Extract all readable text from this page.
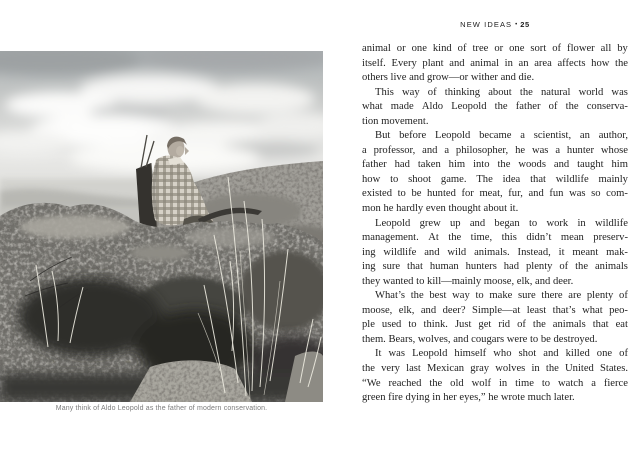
NEW IDEAS • 25
Many think of Aldo Leopold as the father of modern conservation.
animal or one kind of tree or one sort of flower all by
itself. Every plant and animal in an area affects how the
others live and grow—or wither and die.
This way of thinking about the natural world was
what made Aldo Leopold the father of the conserva-
tion movement.
But before Leopold became a scientist, an author,
a professor, and a philosopher, he was a hunter whose
father had taken him into the woods and taught him
how to shoot game. The idea that wildlife mainly
existed to be hunted for meat, fur, and fun was so com-
mon he hardly even thought about it.
Leopold grew up and began to work in wildlife
management. At the time, this didn’t mean preserv-
ing wildlife and wild animals. Instead, it meant mak-
ing sure that human hunters had plenty of the animals
they wanted to kill—mainly moose, elk, and deer.
What’s the best way to make sure there are plenty of
moose, elk, and deer? Simple—at least that’s what peo-
ple used to think. Just get rid of the animals that eat
them. Bears, wolves, and cougars were to be destroyed.
It was Leopold himself who shot and killed one of
the very last Mexican gray wolves in the United States.
“We reached the old wolf in time to watch a fierce
green fire dying in her eyes,” he wrote much later.
